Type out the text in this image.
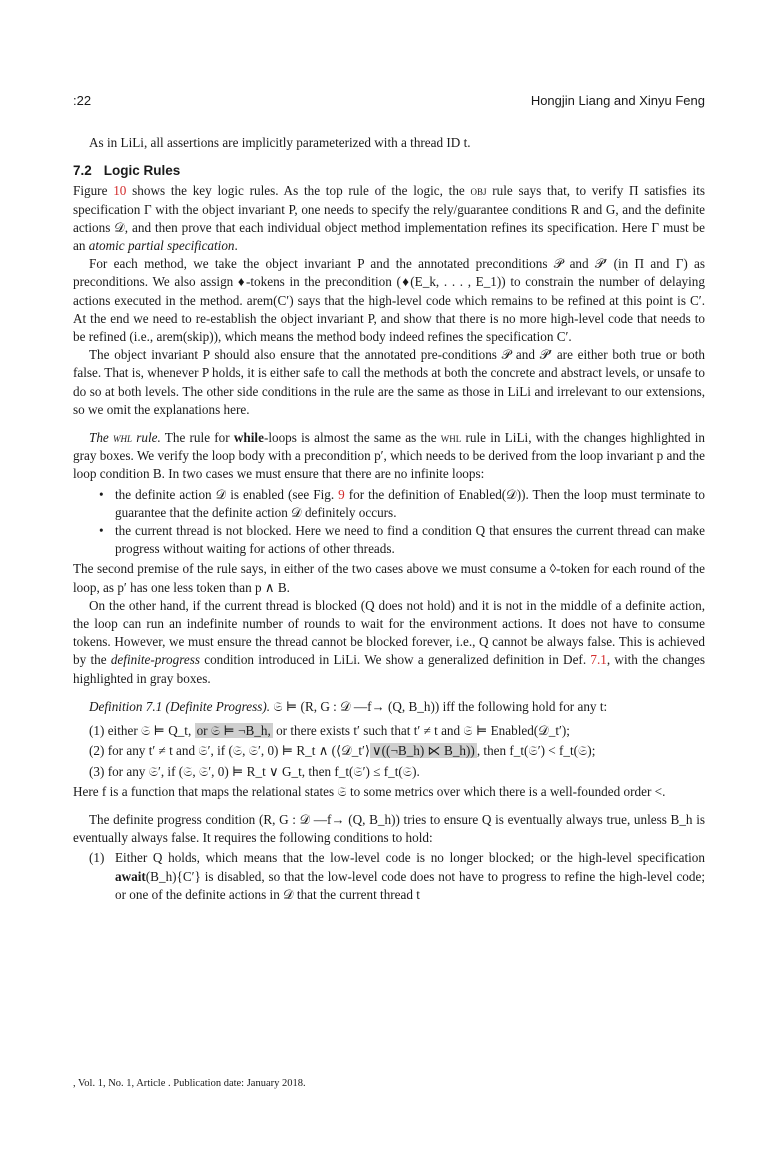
:22	Hongjin Liang and Xinyu Feng

As in LiLi, all assertions are implicitly parameterized with a thread ID t.

7.2 Logic Rules

Figure 10 shows the key logic rules. As the top rule of the logic, the obj rule says that, to verify Π satisfies its specification Γ with the object invariant P, one needs to specify the rely/guarantee conditions R and G, and the definite actions 𝒟, and then prove that each individual object method implementation refines its specification. Here Γ must be an atomic partial specification.

For each method, we take the object invariant P and the annotated preconditions 𝒫 and 𝒫′ (in Π and Γ) as preconditions. We also assign ♦-tokens in the precondition (♦(E_k, . . . , E_1)) to constrain the number of delaying actions executed in the method. arem(C′) says that the high-level code which remains to be refined at this point is C′. At the end we need to re-establish the object invariant P, and show that there is no more high-level code that needs to be refined (i.e., arem(skip)), which means the method body indeed refines the specification C′.

The object invariant P should also ensure that the annotated pre-conditions 𝒫 and 𝒫′ are either both true or both false. That is, whenever P holds, it is either safe to call the methods at both the concrete and abstract levels, or unsafe to do so at both levels. The other side conditions in the rule are the same as those in LiLi and irrelevant to our extensions, so we omit the explanations here.

The whl rule. The rule for while-loops is almost the same as the whl rule in LiLi, with the changes highlighted in gray boxes. We verify the loop body with a precondition p′, which needs to be derived from the loop invariant p and the loop condition B. In two cases we must ensure that there are no infinite loops:

• the definite action 𝒟 is enabled (see Fig. 9 for the definition of Enabled(𝒟)). Then the loop must terminate to guarantee that the definite action 𝒟 definitely occurs.
• the current thread is not blocked. Here we need to find a condition Q that ensures the current thread can make progress without waiting for actions of other threads.

The second premise of the rule says, in either of the two cases above we must consume a ◊-token for each round of the loop, as p′ has one less token than p ∧ B.

On the other hand, if the current thread is blocked (Q does not hold) and it is not in the middle of a definite action, the loop can run an indefinite number of rounds to wait for the environment actions. It does not have to consume tokens. However, we must ensure the thread cannot be blocked forever, i.e., Q cannot be always false. This is achieved by the definite-progress condition introduced in LiLi. We show a generalized definition in Def. 7.1, with the changes highlighted in gray boxes.

Definition 7.1 (Definite Progress). 𝔖 ⊨ (R, G : 𝒟 —f→ (Q, B_h)) iff the following hold for any t:

(1) either 𝔖 ⊨ Q_t, or 𝔖 ⊨ ¬B_h, or there exists t′ such that t′ ≠ t and 𝔖 ⊨ Enabled(𝒟_t′);

(2) for any t′ ≠ t and 𝔖′, if (𝔖, 𝔖′, 0) ⊨ R_t ∧ (⟨𝒟_t′⟩ ∨((¬B_h) ⋉ B_h)) , then f_t(𝔖′) < f_t(𝔖);

(3) for any 𝔖′, if (𝔖, 𝔖′, 0) ⊨ R_t ∨ G_t, then f_t(𝔖′) ≤ f_t(𝔖).

Here f is a function that maps the relational states 𝔖 to some metrics over which there is a well-founded order <.

The definite progress condition (R, G : 𝒟 —f→ (Q, B_h)) tries to ensure Q is eventually always true, unless B_h is eventually always false. It requires the following conditions to hold:

(1) Either Q holds, which means that the low-level code is no longer blocked; or the high-level specification await(B_h){C′} is disabled, so that the low-level code does not have to progress to refine the high-level code; or one of the definite actions in 𝒟 that the current thread t
, Vol. 1, No. 1, Article . Publication date: January 2018.
